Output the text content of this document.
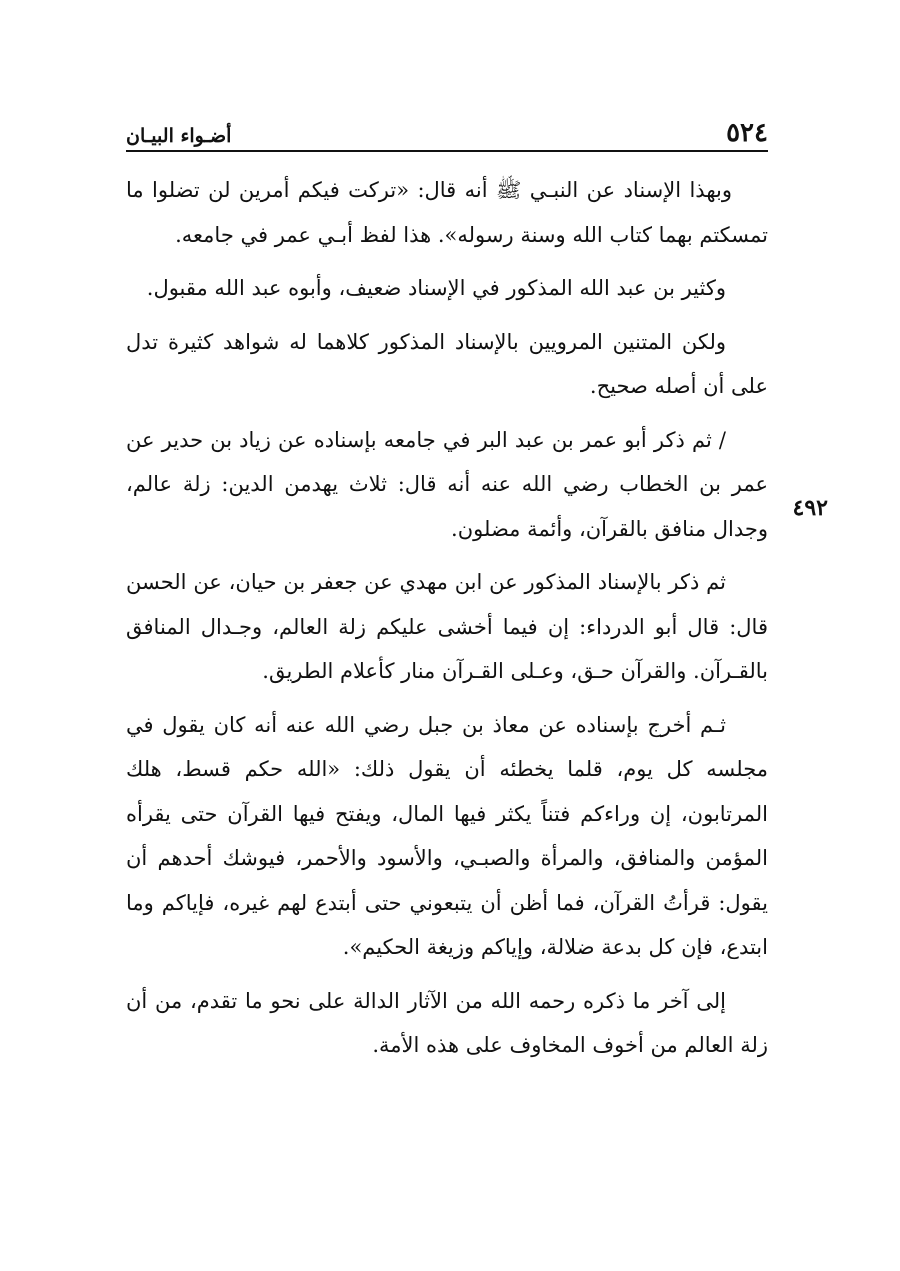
٥٢٤
أضـواء البيـان
٤٩٢

وبهذا الإسناد عن النبـي ﷺ أنه قال: «تركت فيكم أمرين لن تضلوا ما تمسكتم بهما كتاب الله وسنة رسوله». هذا لفظ أبـي عمر في جامعه.

وكثير بن عبد الله المذكور في الإسناد ضعيف، وأبوه عبد الله مقبول.

ولكن المتنين المرويين بالإسناد المذكور كلاهما له شواهد كثيرة تدل على أن أصله صحيح.

/ ثم ذكر أبو عمر بن عبد البر في جامعه بإسناده عن زياد بن حدير عن عمر بن الخطاب رضي الله عنه أنه قال: ثلاث يهدمن الدين: زلة عالم، وجدال منافق بالقرآن، وأئمة مضلون.

ثم ذكر بالإسناد المذكور عن ابن مهدي عن جعفر بن حيان، عن الحسن قال: قال أبو الدرداء: إن فيما أخشى عليكم زلة العالم، وجـدال المنافق بالقـرآن. والقرآن حـق، وعـلى القـرآن منار كأعلام الطريق.

ثـم أخرج بإسناده عن معاذ بن جبل رضي الله عنه أنه كان يقول في مجلسه كل يوم، قلما يخطئه أن يقول ذلك: «الله حكم قسط، هلك المرتابون، إن وراءكم فتناً يكثر فيها المال، ويفتح فيها القرآن حتى يقرأه المؤمن والمنافق، والمرأة والصبـي، والأسود والأحمر، فيوشك أحدهم أن يقول: قرأتُ القرآن، فما أظن أن يتبعوني حتى أبتدع لهم غيره، فإياكم وما ابتدع، فإن كل بدعة ضلالة، وإياكم وزيغة الحكيم».

إلى آخر ما ذكره رحمه الله من الآثار الدالة على نحو ما تقدم، من أن زلة العالم من أخوف المخاوف على هذه الأمة.
